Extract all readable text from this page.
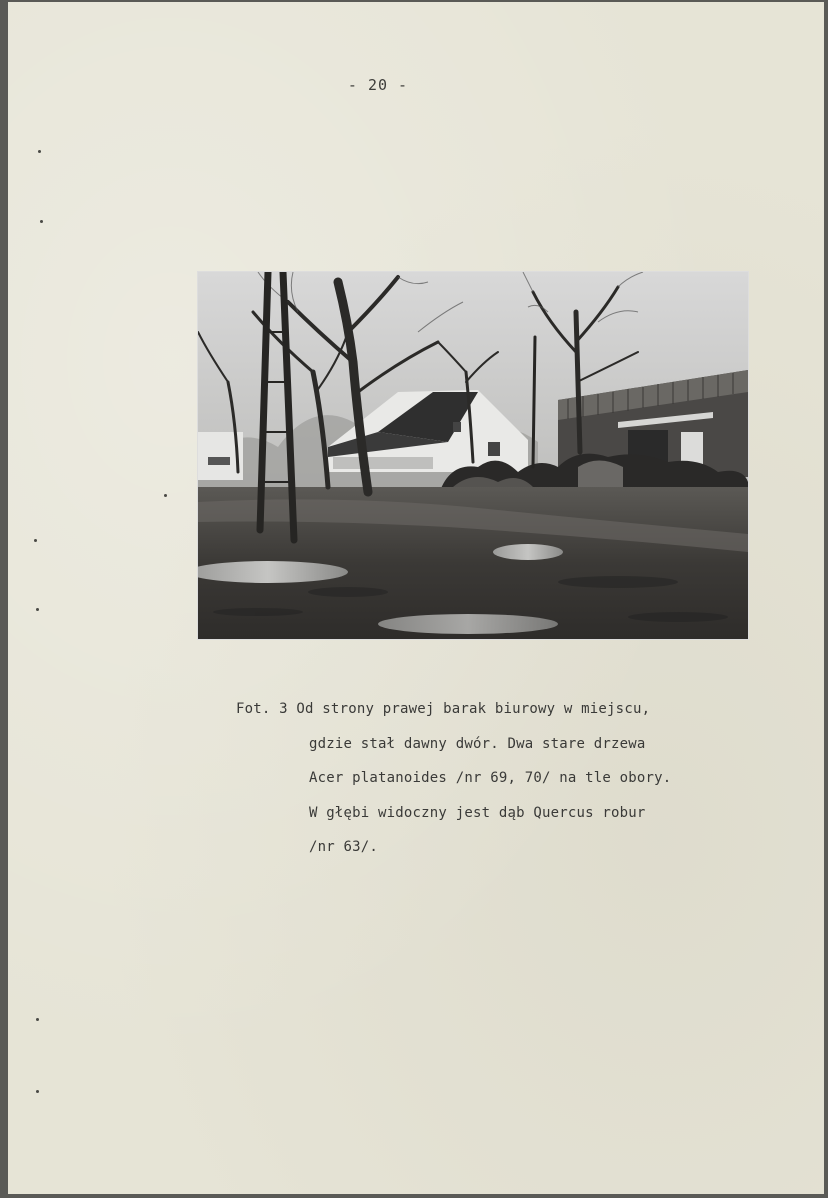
- 20 -
Fot. 3 Od strony prawej barak biurowy w miejscu,
gdzie stał dawny dwór. Dwa stare drzewa
Acer platanoides /nr 69, 70/ na tle obory.
W głębi widoczny jest dąb Quercus robur
/nr 63/.
